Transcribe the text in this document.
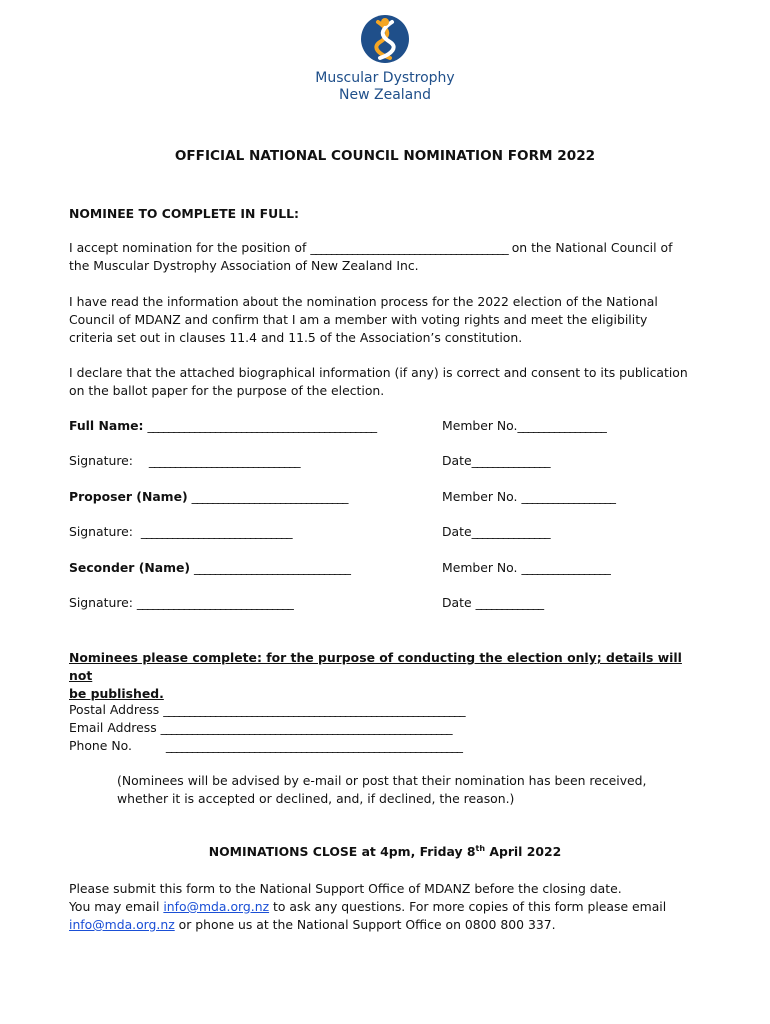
Muscular Dystrophy
New Zealand
OFFICIAL NATIONAL COUNCIL NOMINATION FORM 2022
NOMINEE TO COMPLETE IN FULL:
I accept nomination for the position of ______________________________________ on the National Council of
the Muscular Dystrophy Association of New Zealand Inc.
I have read the information about the nomination process for the 2022 election of the National
Council of MDANZ and confirm that I am a member with voting rights and meet the eligibility
criteria set out in clauses 11.4 and 11.5 of the Association’s constitution.
I declare that the attached biographical information (if any) is correct and consent to its publication
on the ballot paper for the purpose of the election.
Full Name: ____________________________________________	Member No._________________
Signature: _____________________________	Date_______________
Proposer (Name) ______________________________	Member No. __________________
Signature: _____________________________	Date_______________
Seconder (Name) ______________________________	Member No. _________________
Signature: ______________________________	Date _____________
Nominees please complete: for the purpose of conducting the election only; details will not
be published.
Postal Address __________________________________________________________
Email Address ________________________________________________________
Phone No.	_________________________________________________________
(Nominees will be advised by e-mail or post that their nomination has been received,
whether it is accepted or declined, and, if declined, the reason.)
NOMINATIONS CLOSE at 4pm, Friday 8th April 2022
Please submit this form to the National Support Office of MDANZ before the closing date.
You may email info@mda.org.nz to ask any questions. For more copies of this form please email
info@mda.org.nz or phone us at the National Support Office on 0800 800 337.
